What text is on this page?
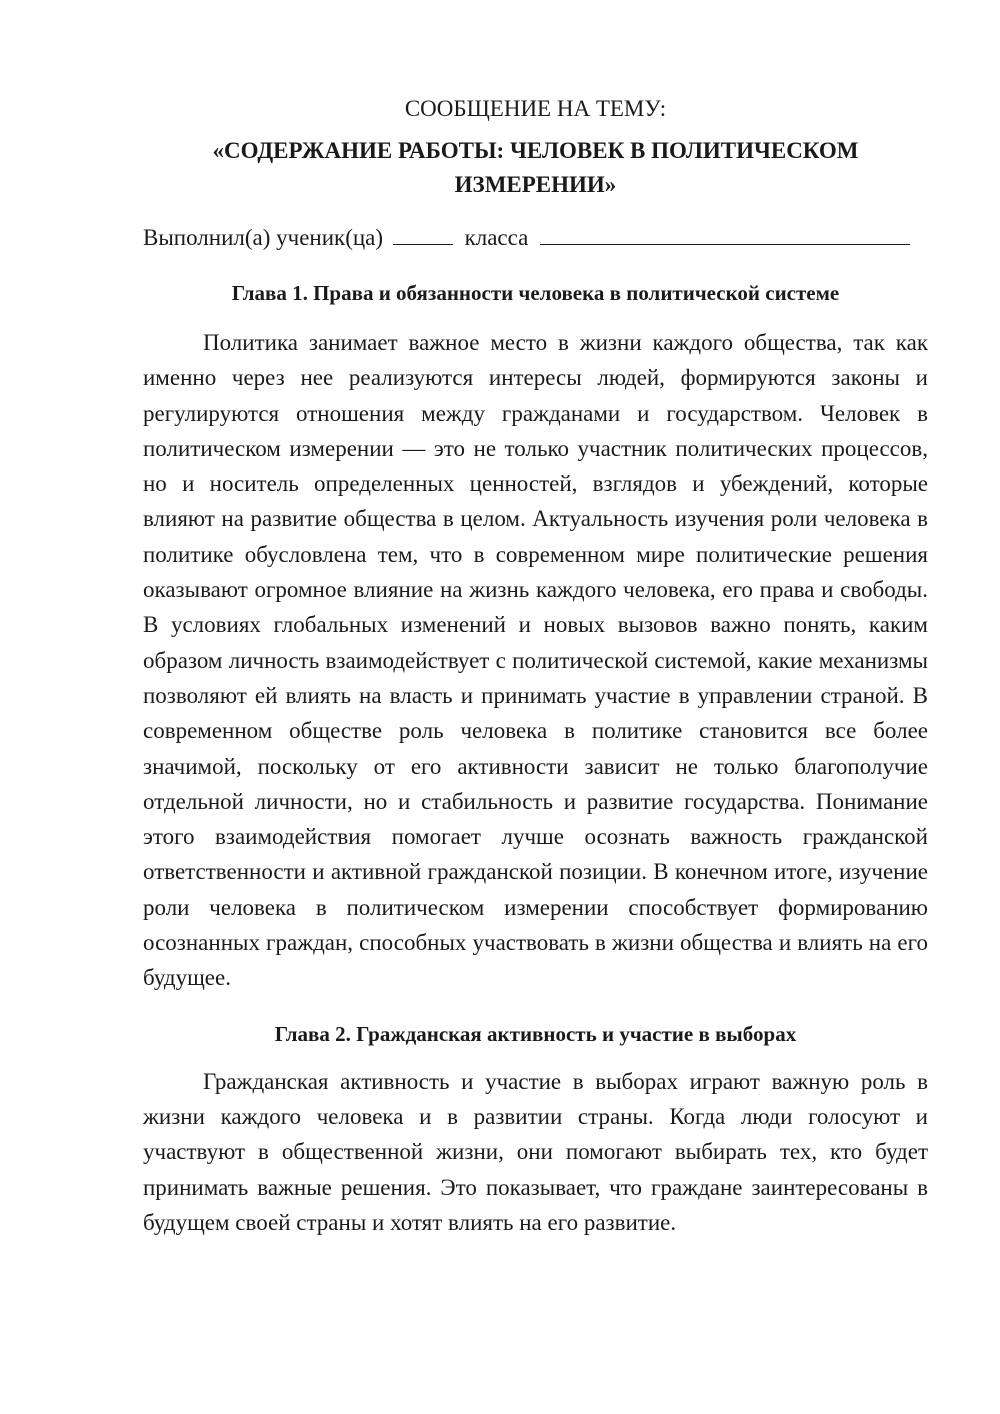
СООБЩЕНИЕ НА ТЕМУ:

«СОДЕРЖАНИЕ РАБОТЫ: ЧЕЛОВЕК В ПОЛИТИЧЕСКОМ ИЗМЕРЕНИИ»

Выполнил(а) ученик(ца)	класса

Глава 1. Права и обязанности человека в политической системе

Политика занимает важное место в жизни каждого общества, так как именно через нее реализуются интересы людей, формируются законы и регулируются отношения между гражданами и государством. Человек в политическом измерении — это не только участник политических процессов, но и носитель определенных ценностей, взглядов и убеждений, которые влияют на развитие общества в целом. Актуальность изучения роли человека в политике обусловлена тем, что в современном мире политические решения оказывают огромное влияние на жизнь каждого человека, его права и свободы. В условиях глобальных изменений и новых вызовов важно понять, каким образом личность взаимодействует с политической системой, какие механизмы позволяют ей влиять на власть и принимать участие в управлении страной. В современном обществе роль человека в политике становится все более значимой, поскольку от его активности зависит не только благополучие отдельной личности, но и стабильность и развитие государства. Понимание этого взаимодействия помогает лучше осознать важность гражданской ответственности и активной гражданской позиции. В конечном итоге, изучение роли человека в политическом измерении способствует формированию осознанных граждан, способных участвовать в жизни общества и влиять на его будущее.

Глава 2. Гражданская активность и участие в выборах

Гражданская активность и участие в выборах играют важную роль в жизни каждого человека и в развитии страны. Когда люди голосуют и участвуют в общественной жизни, они помогают выбирать тех, кто будет принимать важные решения. Это показывает, что граждане заинтересованы в будущем своей страны и хотят влиять на его развитие.
